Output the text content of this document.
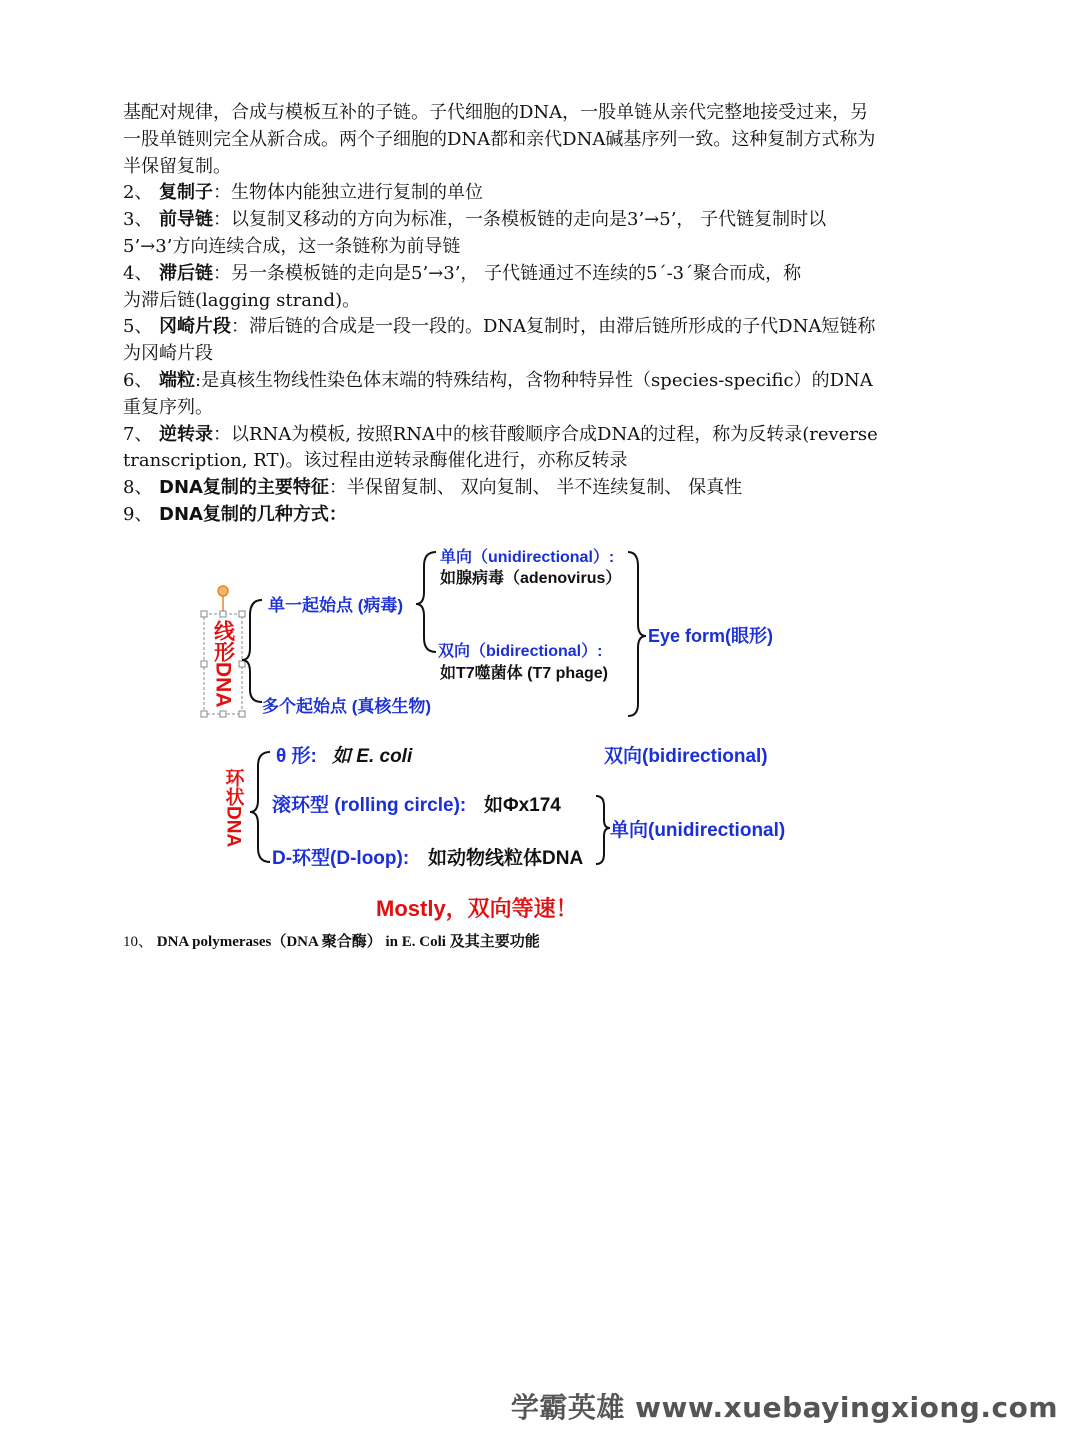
基配对规律，合成与模板互补的子链。子代细胞的DNA，一股单链从亲代完整地接受过来，另
一股单链则完全从新合成。两个子细胞的DNA都和亲代DNA碱基序列一致。这种复制方式称为
半保留复制。
2、 复制子：生物体内能独立进行复制的单位
3、 前导链：以复制叉移动的方向为标准，一条模板链的走向是3’→5’， 子代链复制时以
5’→3’方向连续合成，这一条链称为前导链
4、 滞后链：另一条模板链的走向是5’→3’， 子代链通过不连续的5´-3´聚合而成，称
为滞后链(lagging strand)。
5、 冈崎片段：滞后链的合成是一段一段的。DNA复制时，由滞后链所形成的子代DNA短链称
为冈崎片段
6、 端粒:是真核生物线性染色体末端的特殊结构，含物种特异性（species-specific）的DNA
重复序列。
7、 逆转录：以RNA为模板, 按照RNA中的核苷酸顺序合成DNA的过程，称为反转录(reverse
transcription, RT)。该过程由逆转录酶催化进行，亦称反转录
8、 DNA复制的主要特征：半保留复制、 双向复制、 半不连续复制、 保真性
9、 DNA复制的几种方式：
线形DNA
单一起始点 (病毒)
多个起始点 (真核生物)
单向（unidirectional）:
如腺病毒（adenovirus）
双向（bidirectional）:
如T7噬菌体 (T7 phage)
Eye form(眼形)
环状DNA
θ 形: 如 E. coli	双向(bidirectional)
滚环型 (rolling circle): 如Φx174
D-环型(D-loop): 如动物线粒体DNA
单向(unidirectional)
Mostly，双向等速！
10、 DNA polymerases（DNA 聚合酶） in E. Coli 及其主要功能
学霸英雄 www.xuebayingxiong.com
